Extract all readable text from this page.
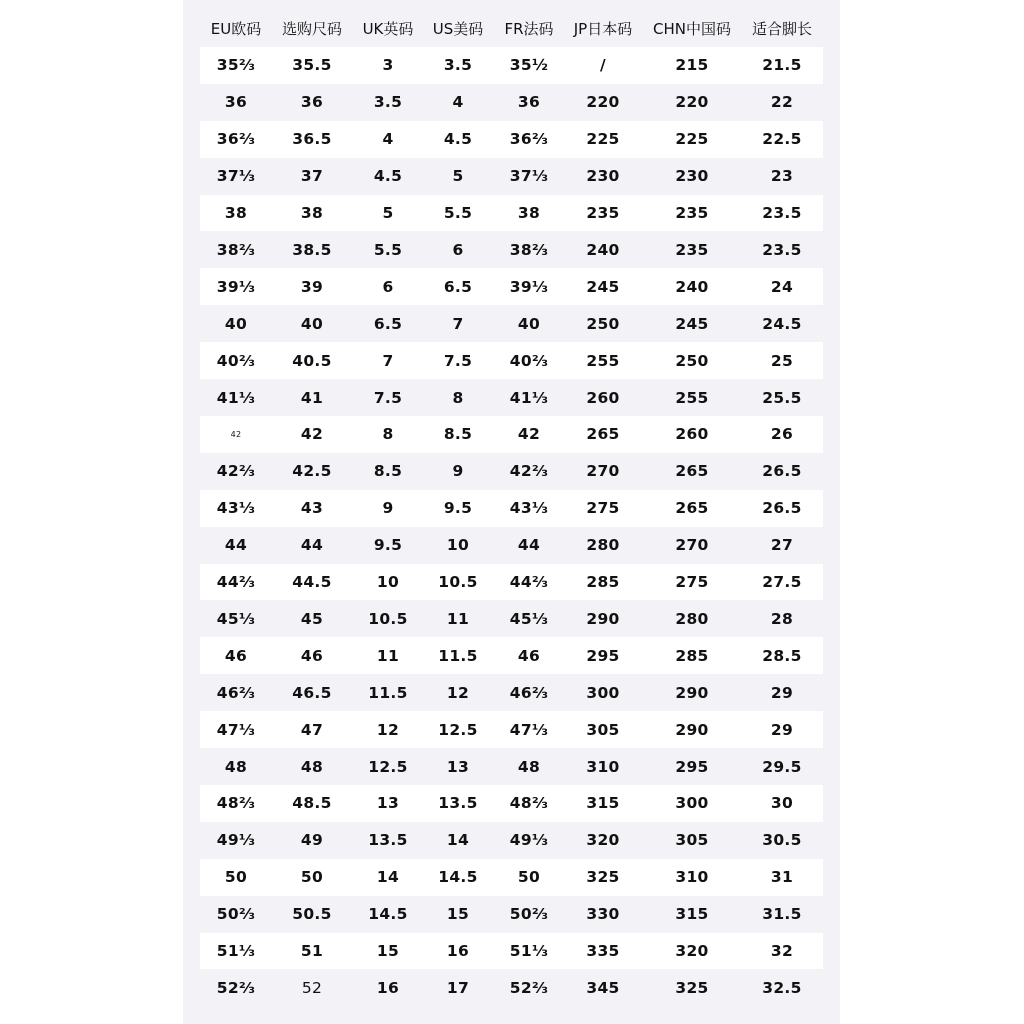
EU欧码	选购尺码	UK英码	US美码	FR法码	JP日本码	CHN中国码	适合脚长
35⅔	35.5	3	3.5	35½	/	215	21.5
36	36	3.5	4	36	220	220	22
36⅔	36.5	4	4.5	36⅔	225	225	22.5
37⅓	37	4.5	5	37⅓	230	230	23
38	38	5	5.5	38	235	235	23.5
38⅔	38.5	5.5	6	38⅔	240	235	23.5
39⅓	39	6	6.5	39⅓	245	240	24
40	40	6.5	7	40	250	245	24.5
40⅔	40.5	7	7.5	40⅔	255	250	25
41⅓	41	7.5	8	41⅓	260	255	25.5
42	42	8	8.5	42	265	260	26
42⅔	42.5	8.5	9	42⅔	270	265	26.5
43⅓	43	9	9.5	43⅓	275	265	26.5
44	44	9.5	10	44	280	270	27
44⅔	44.5	10	10.5	44⅔	285	275	27.5
45⅓	45	10.5	11	45⅓	290	280	28
46	46	11	11.5	46	295	285	28.5
46⅔	46.5	11.5	12	46⅔	300	290	29
47⅓	47	12	12.5	47⅓	305	290	29
48	48	12.5	13	48	310	295	29.5
48⅔	48.5	13	13.5	48⅔	315	300	30
49⅓	49	13.5	14	49⅓	320	305	30.5
50	50	14	14.5	50	325	310	31
50⅔	50.5	14.5	15	50⅔	330	315	31.5
51⅓	51	15	16	51⅓	335	320	32
52⅔	52	16	17	52⅔	345	325	32.5
